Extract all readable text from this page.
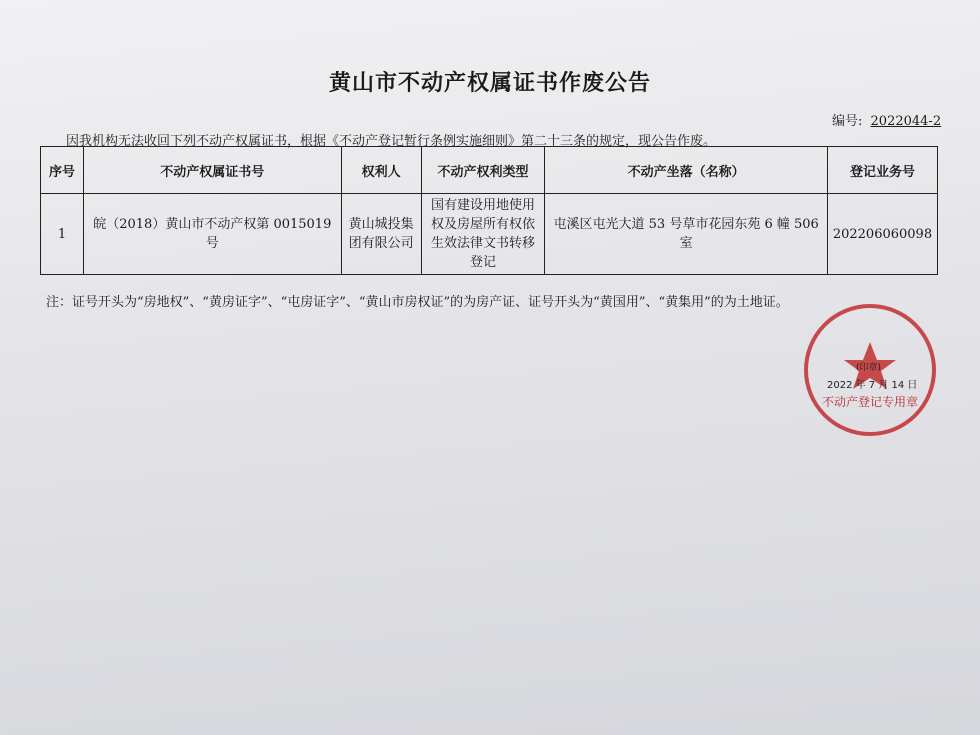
黄山市不动产权属证书作废公告
编号: 2022044-2
因我机构无法收回下列不动产权属证书，根据《不动产登记暂行条例实施细则》第二十三条的规定，现公告作废。
序号	不动产权属证书号	权利人	不动产权利类型	不动产坐落（名称）	登记业务号
1	皖（2018）黄山市不动产权第 0015019 号	黄山城投集团有限公司	国有建设用地使用权及房屋所有权依生效法律文书转移登记	屯溪区屯光大道 53 号草市花园东苑 6 幢 506 室	202206060098
注：证号开头为“房地权”、“黄房证字”、“屯房证字”、“黄山市房权证”的为房产证、证号开头为“黄国用”、“黄集用”的为土地证。
(印章)
2022 年 7 月 14 日
不动产登记专用章
